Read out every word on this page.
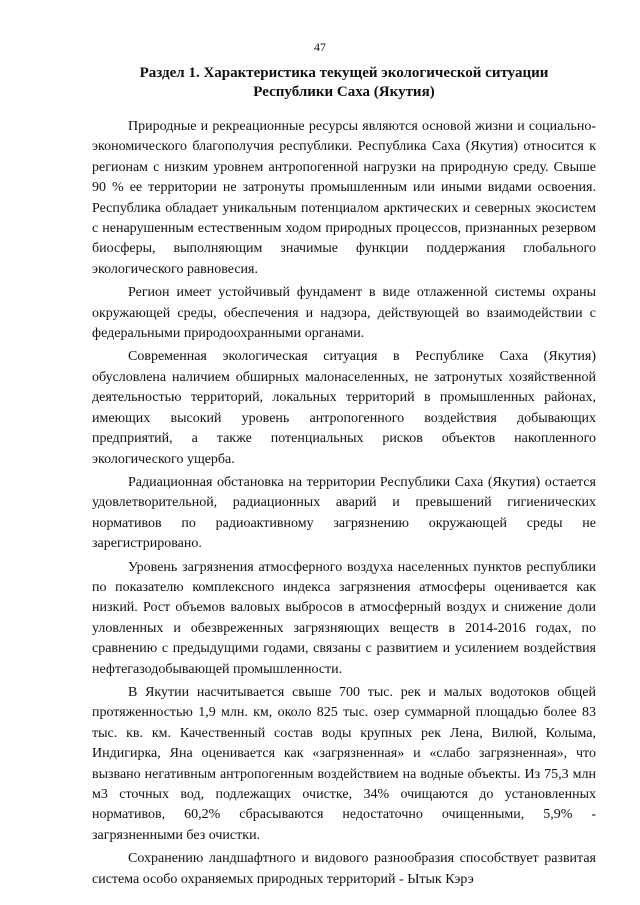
47
Раздел 1. Характеристика текущей экологической ситуации
Республики Саха (Якутия)

Природные и рекреационные ресурсы являются основой жизни и социально-экономического благополучия республики. Республика Саха (Якутия) относится к регионам с низким уровнем антропогенной нагрузки на природную среду. Свыше 90 % ее территории не затронуты промышленным или иными видами освоения. Республика обладает уникальным потенциалом арктических и северных экосистем с ненарушенным естественным ходом природных процессов, признанных резервом биосферы, выполняющим значимые функции поддержания глобального экологического равновесия.

Регион имеет устойчивый фундамент в виде отлаженной системы охраны окружающей среды, обеспечения и надзора, действующей во взаимодействии с федеральными природоохранными органами.

Современная экологическая ситуация в Республике Саха (Якутия) обусловлена наличием обширных малонаселенных, не затронутых хозяйственной деятельностью территорий, локальных территорий в промышленных районах, имеющих высокий уровень антропогенного воздействия добывающих предприятий, а также потенциальных рисков объектов накопленного экологического ущерба.

Радиационная обстановка на территории Республики Саха (Якутия) остается удовлетворительной, радиационных аварий и превышений гигиенических нормативов по радиоактивному загрязнению окружающей среды не зарегистрировано.

Уровень загрязнения атмосферного воздуха населенных пунктов республики по показателю комплексного индекса загрязнения атмосферы оценивается как низкий. Рост объемов валовых выбросов в атмосферный воздух и снижение доли уловленных и обезвреженных загрязняющих веществ в 2014-2016 годах, по сравнению с предыдущими годами, связаны с развитием и усилением воздействия нефтегазодобывающей промышленности.

В Якутии насчитывается свыше 700 тыс. рек и малых водотоков общей протяженностью 1,9 млн. км, около 825 тыс. озер суммарной площадью более 83 тыс. кв. км. Качественный состав воды крупных рек Лена, Вилюй, Колыма, Индигирка, Яна оценивается как «загрязненная» и «слабо загрязненная», что вызвано негативным антропогенным воздействием на водные объекты. Из 75,3 млн м3 сточных вод, подлежащих очистке, 34% очищаются до установленных нормативов, 60,2% сбрасываются недостаточно очищенными, 5,9% - загрязненными без очистки.

Сохранению ландшафтного и видового разнообразия способствует развитая система особо охраняемых природных территорий - Ытык Кэрэ
